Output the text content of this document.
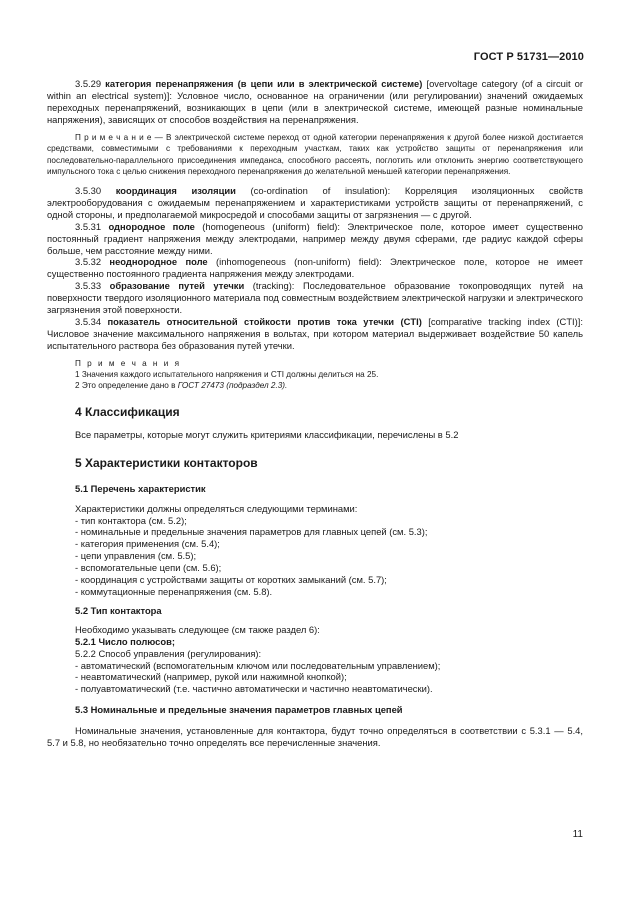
ГОСТ Р 51731—2010

3.5.29 категория перенапряжения (в цепи или в электрической системе) [overvoltage category (of a circuit or within an electrical system)]: Условное число, основанное на ограничении (или регулировании) значений ожидаемых переходных перенапряжений, возникающих в цепи (или в электрической системе, имеющей разные номинальные напряжения), зависящих от способов воздействия на перенапряжения.

П р и м е ч а н и е — В электрической системе переход от одной категории перенапряжения к другой более низкой достигается средствами, совместимыми с требованиями к переходным участкам, таких как устройство защиты от перенапряжения или последовательно-параллельного присоединения импеданса, способного рассеять, поглотить или отклонить энергию соответствующего импульсного тока с целью снижения переходного перенапряжения до желательной меньшей категории перенапряжения.

3.5.30 координация изоляции (co-ordination of insulation): Корреляция изоляционных свойств электрооборудования с ожидаемым перенапряжением и характеристиками устройств защиты от перенапряжений, с одной стороны, и предполагаемой микросредой и способами защиты от загрязнения — с другой.

3.5.31 однородное поле (homogeneous (uniform) field): Электрическое поле, которое имеет существенно постоянный градиент напряжения между электродами, например между двумя сферами, где радиус каждой сферы больше, чем расстояние между ними.

3.5.32 неоднородное поле (inhomogeneous (non-uniform) field): Электрическое поле, которое не имеет существенно постоянного градиента напряжения между электродами.

3.5.33 образование путей утечки (tracking): Последовательное образование токопроводящих путей на поверхности твердого изоляционного материала под совместным воздействием электрической нагрузки и электрического загрязнения этой поверхности.

3.5.34 показатель относительной стойкости против тока утечки (CTI) [comparative tracking index (CTI)]: Числовое значение максимального напряжения в вольтах, при котором материал выдерживает воздействие 50 капель испытательного раствора без образования путей утечки.

П р и м е ч а н и я
1 Значения каждого испытательного напряжения и CTI должны делиться на 25.
2 Это определение дано в ГОСТ 27473 (подраздел 2.3).
4 Классификация

Все параметры, которые могут служить критериями классификации, перечислены в 5.2

5 Характеристики контакторов
5.1 Перечень характеристик

Характеристики должны определяться следующими терминами:

- тип контактора (см. 5.2);
- номинальные и предельные значения параметров для главных цепей (см. 5.3);
- категория применения (см. 5.4);
- цепи управления (см. 5.5);
- вспомогательные цепи (см. 5.6);
- координация с устройствами защиты от коротких замыканий (см. 5.7);
- коммутационные перенапряжения (см. 5.8).
5.2 Тип контактора

Необходимо указывать следующее (см также раздел 6):

5.2.1 Число полюсов;
5.2.2 Способ управления (регулирования):
- автоматический (вспомогательным ключом или последовательным управлением);
- неавтоматический (например, рукой или нажимной кнопкой);
- полуавтоматический (т.е. частично автоматически и частично неавтоматически).
5.3 Номинальные и предельные значения параметров главных цепей

Номинальные значения, установленные для контактора, будут точно определяться в соответствии с 5.3.1 — 5.4, 5.7 и 5.8, но необязательно точно определять все перечисленные значения.

11
